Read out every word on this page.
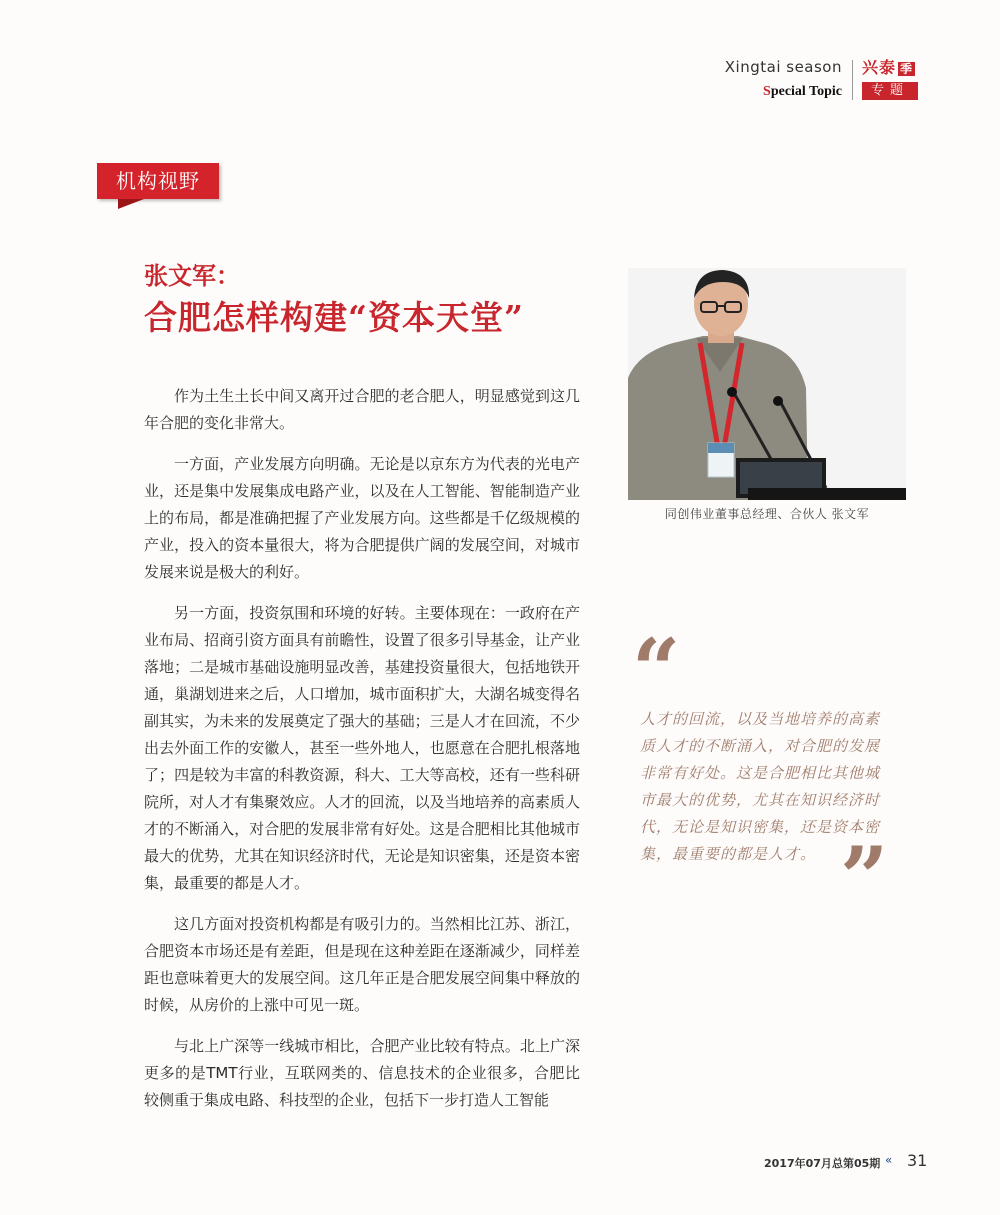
Xingtai season
Special Topic
兴泰 季
专题
机构视野
张文军：
合肥怎样构建“资本天堂”

作为土生土长中间又离开过合肥的老合肥人，明显感觉到这几年合肥的变化非常大。

一方面，产业发展方向明确。无论是以京东方为代表的光电产业，还是集中发展集成电路产业，以及在人工智能、智能制造产业上的布局，都是准确把握了产业发展方向。这些都是千亿级规模的产业，投入的资本量很大，将为合肥提供广阔的发展空间，对城市发展来说是极大的利好。

另一方面，投资氛围和环境的好转。主要体现在：一政府在产业布局、招商引资方面具有前瞻性，设置了很多引导基金，让产业落地；二是城市基础设施明显改善，基建投资量很大，包括地铁开通，巢湖划进来之后，人口增加，城市面积扩大，大湖名城变得名副其实，为未来的发展奠定了强大的基础；三是人才在回流，不少出去外面工作的安徽人，甚至一些外地人，也愿意在合肥扎根落地了；四是较为丰富的科教资源，科大、工大等高校，还有一些科研院所，对人才有集聚效应。人才的回流，以及当地培养的高素质人才的不断涌入，对合肥的发展非常有好处。这是合肥相比其他城市最大的优势，尤其在知识经济时代，无论是知识密集，还是资本密集，最重要的都是人才。

这几方面对投资机构都是有吸引力的。当然相比江苏、浙江，合肥资本市场还是有差距，但是现在这种差距在逐渐减少，同样差距也意味着更大的发展空间。这几年正是合肥发展空间集中释放的时候，从房价的上涨中可见一斑。

与北上广深等一线城市相比，合肥产业比较有特点。北上广深更多的是TMT行业，互联网类的、信息技术的企业很多，合肥比较侧重于集成电路、科技型的企业，包括下一步打造人工智能

同创伟业董事总经理、合伙人 张文军
“
人才的回流，以及当地培养的高素质人才的不断涌入，对合肥的发展非常有好处。这是合肥相比其他城市最大的优势，尤其在知识经济时代，无论是知识密集，还是资本密集，最重要的都是人才。 ”
2017年07月 总第05期 « 31
